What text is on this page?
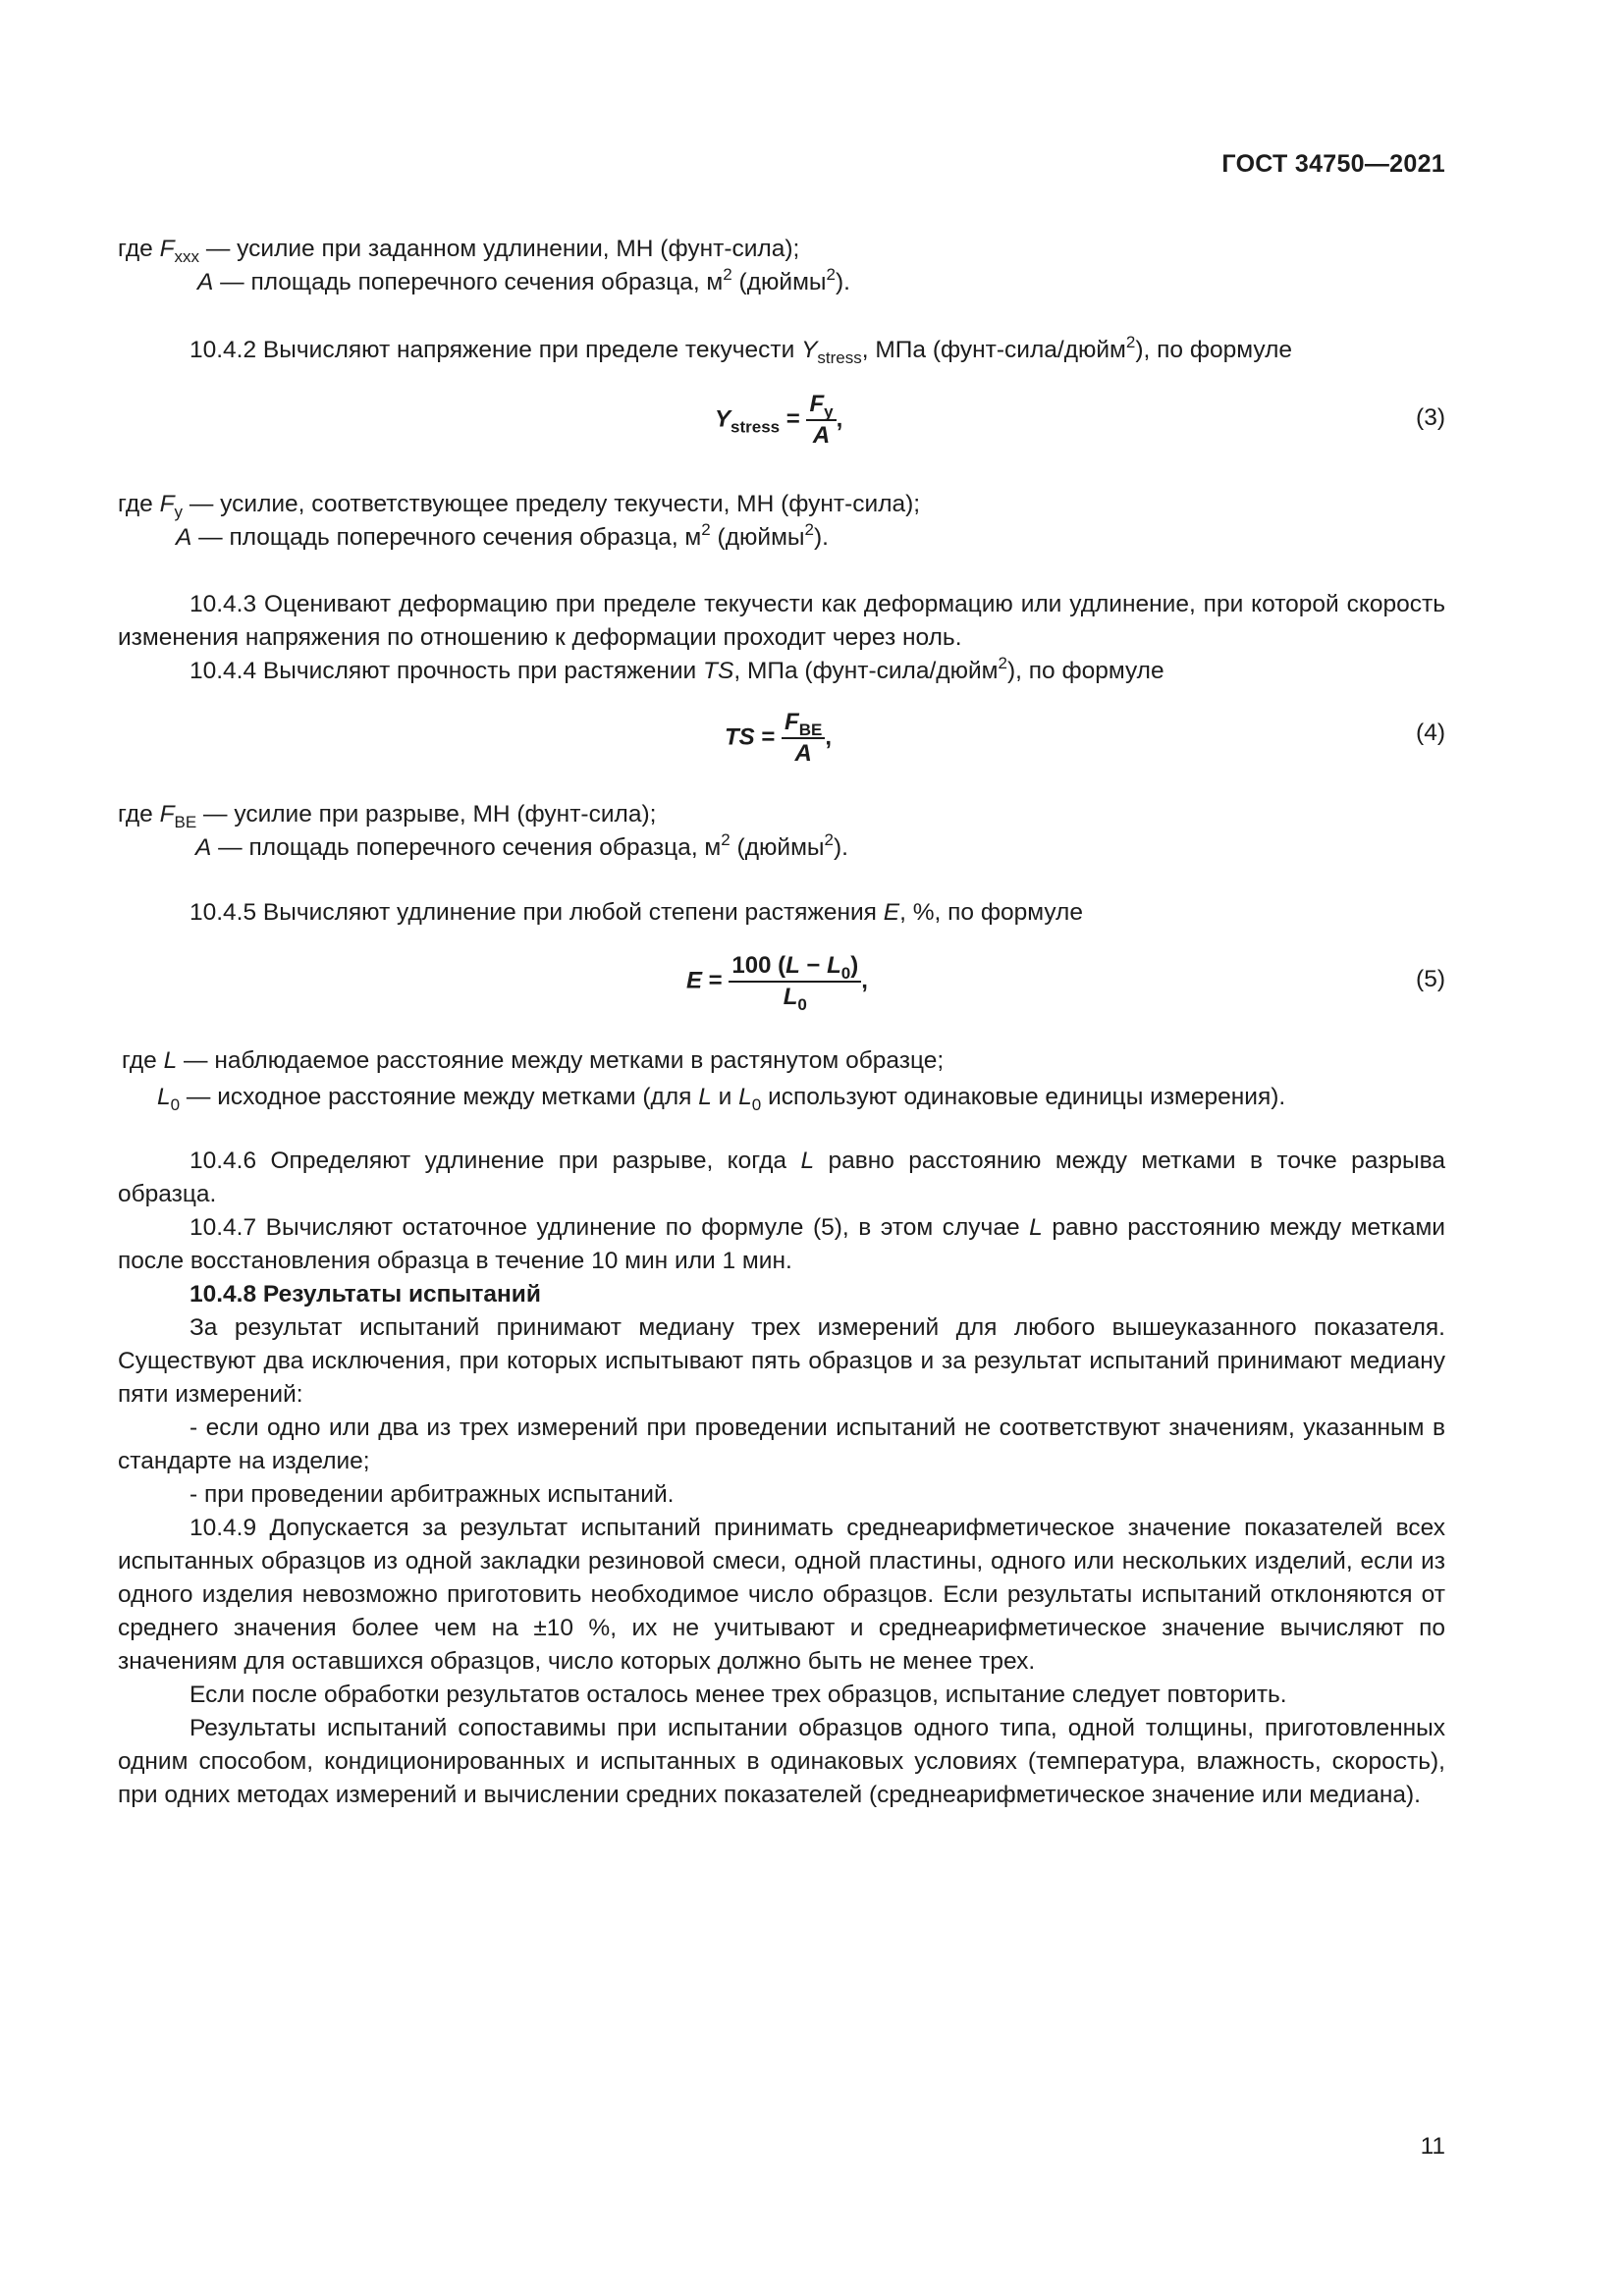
ГОСТ 34750—2021
где $F_{xxx}$ — усилие при заданном удлинении, МН (фунт-сила);
A — площадь поперечного сечения образца, $м^2$ (дюймы$^2$).
10.4.2 Вычисляют напряжение при пределе текучести $Y_{stress}$, МПа (фунт-сила/дюйм$^2$), по формуле
$Y_{stress} = \frac{F_y}{A}$ ,	(3)
где $F_y$ — усилие, соответствующее пределу текучести, МН (фунт-сила);
A — площадь поперечного сечения образца, $м^2$ (дюймы$^2$).

10.4.3 Оценивают деформацию при пределе текучести как деформацию или удлинение, при которой скорость изменения напряжения по отношению к деформации проходит через ноль.

10.4.4 Вычисляют прочность при растяжении TS, МПа (фунт-сила/дюйм$^2$), по формуле
TS = $\frac{F_{BE}}{A}$ ,	(4)
где $F_{BE}$ — усилие при разрыве, МН (фунт-сила);
A — площадь поперечного сечения образца, $м^2$ (дюймы$^2$).
10.4.5 Вычисляют удлинение при любой степени растяжения E, %, по формуле
$E = \frac{100 (L - L_0)}{L_0}$ ,	(5)
где L — наблюдаемое расстояние между метками в растянутом образце;
$L_0$ — исходное расстояние между метками (для L и $L_0$ используют одинаковые единицы измерения).

10.4.6 Определяют удлинение при разрыве, когда L равно расстоянию между метками в точке разрыва образца.

10.4.7 Вычисляют остаточное удлинение по формуле (5), в этом случае L равно расстоянию между метками после восстановления образца в течение 10 мин или 1 мин.

10.4.8 Результаты испытаний

За результат испытаний принимают медиану трех измерений для любого вышеуказанного показателя. Существуют два исключения, при которых испытывают пять образцов и за результат испытаний принимают медиану пяти измерений:

- если одно или два из трех измерений при проведении испытаний не соответствуют значениям, указанным в стандарте на изделие;

- при проведении арбитражных испытаний.

10.4.9 Допускается за результат испытаний принимать среднеарифметическое значение показателей всех испытанных образцов из одной закладки резиновой смеси, одной пластины, одного или нескольких изделий, если из одного изделия невозможно приготовить необходимое число образцов. Если результаты испытаний отклоняются от среднего значения более чем на ±10 %, их не учитывают и среднеарифметическое значение вычисляют по значениям для оставшихся образцов, число которых должно быть не менее трех.

Если после обработки результатов осталось менее трех образцов, испытание следует повторить.

Результаты испытаний сопоставимы при испытании образцов одного типа, одной толщины, приготовленных одним способом, кондиционированных и испытанных в одинаковых условиях (температура, влажность, скорость), при одних методах измерений и вычислении средних показателей (среднеарифметическое значение или медиана).

11
